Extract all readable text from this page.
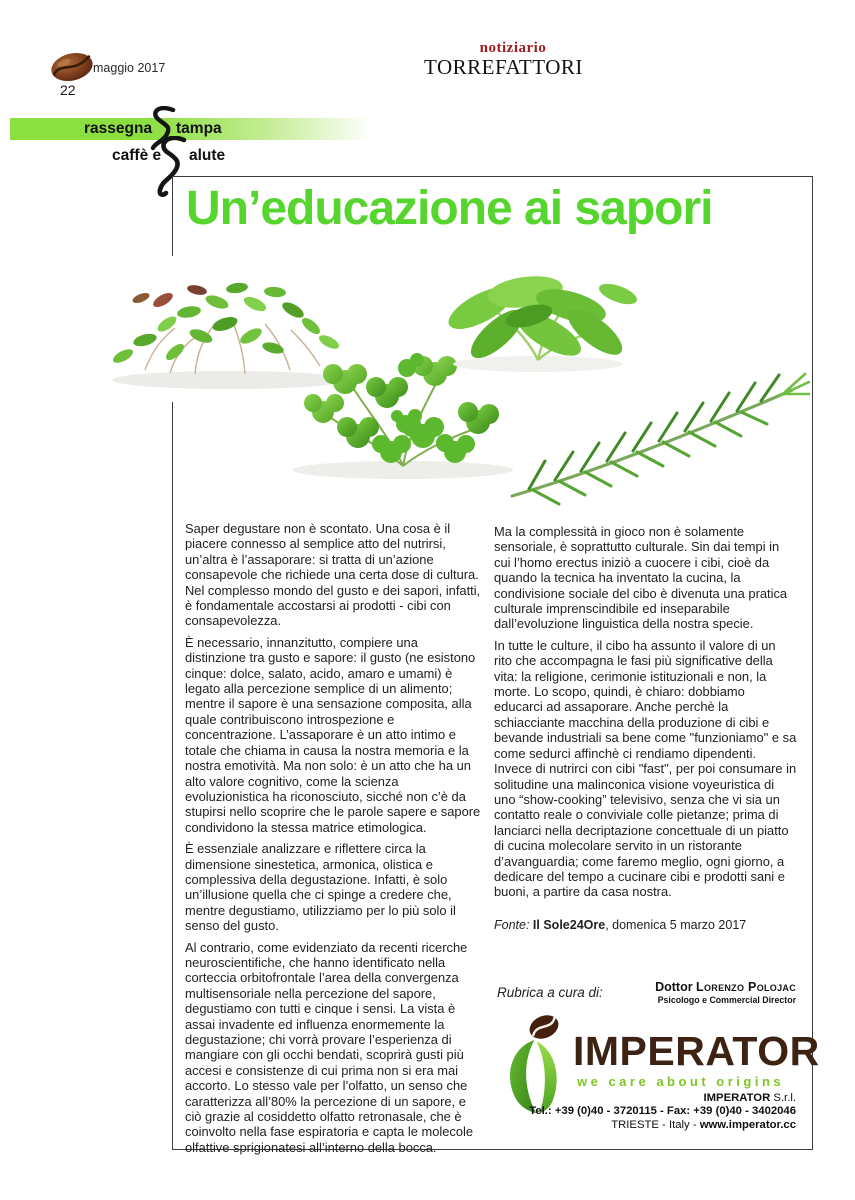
maggio 2017
22
notiziario
TORREFATTORI
rassegna tampa
caffè e alute
Un’educazione ai sapori

Saper degustare non è scontato. Una cosa è il piacere connesso al semplice atto del nutrirsi, un’altra è l’assaporare: si tratta di un’azione consapevole che richiede una certa dose di cultura. Nel complesso mondo del gusto e dei sapori, infatti, è fondamentale accostarsi ai prodotti - cibi con consapevolezza.

È necessario, innanzitutto, compiere una distinzione tra gusto e sapore: il gusto (ne esistono cinque: dolce, salato, acido, amaro e umami) è legato alla percezione semplice di un alimento; mentre il sapore è una sensazione composita, alla quale contribuiscono introspezione e concentrazione. L’assaporare è un atto intimo e totale che chiama in causa la nostra memoria e la nostra emotività. Ma non solo: è un atto che ha un alto valore cognitivo, come la scienza evoluzionistica ha riconosciuto, sicché non c’è da stupirsi nello scoprire che le parole sapere e sapore condividono la stessa matrice etimologica.

È essenziale analizzare e riflettere circa la dimensione sinestetica, armonica, olistica e complessiva della degustazione. Infatti, è solo un’illusione quella che ci spinge a credere che, mentre degustiamo, utilizziamo per lo più solo il senso del gusto.

Al contrario, come evidenziato da recenti ricerche neuroscientifiche, che hanno identificato nella corteccia orbitofrontale l’area della convergenza multisensoriale nella percezione del sapore, degustiamo con tutti e cinque i sensi. La vista è assai invadente ed influenza enormemente la degustazione; chi vorrà provare l’esperienza di mangiare con gli occhi bendati, scoprirà gusti più accesi e consistenze di cui prima non si era mai accorto. Lo stesso vale per l’olfatto, un senso che caratterizza all’80% la percezione di un sapore, e ciò grazie al cosiddetto olfatto retronasale, che è coinvolto nella fase espiratoria e capta le molecole olfattive sprigionatesi all’interno della bocca.

Ma la complessità in gioco non è solamente sensoriale, è soprattutto culturale. Sin dai tempi in cui l’homo erectus iniziò a cuocere i cibi, cioè da quando la tecnica ha inventato la cucina, la condivisione sociale del cibo è divenuta una pratica culturale imprenscindibile ed inseparabile dall’evoluzione linguistica della nostra specie.

In tutte le culture, il cibo ha assunto il valore di un rito che accompagna le fasi più significative della vita: la religione, cerimonie istituzionali e non, la morte. Lo scopo, quindi, è chiaro: dobbiamo educarci ad assaporare. Anche perchè la schiacciante macchina della produzione di cibi e bevande industriali sa bene come "funzioniamo" e sa come sedurci affinchè ci rendiamo dipendenti. Invece di nutrirci con cibi "fast", per poi consumare in solitudine una malinconica visione voyeuristica di uno “show-cooking” televisivo, senza che vi sia un contatto reale o conviviale colle pietanze; prima di lanciarci nella decriptazione concettuale di un piatto di cucina molecolare servito in un ristorante d’avanguardia; come faremo meglio, ogni giorno, a dedicare del tempo a cucinare cibi e prodotti sani e buoni, a partire da casa nostra.

Fonte: Il Sole24Ore, domenica 5 marzo 2017
Rubrica a cura di:	Dottor Lorenzo Polojac
Psicologo e Commercial Director
IMPERATOR
we care about origins
IMPERATOR S.r.l.
Tel.: +39 (0)40 - 3720115 - Fax: +39 (0)40 - 3402046
TRIESTE - Italy - www.imperator.cc
